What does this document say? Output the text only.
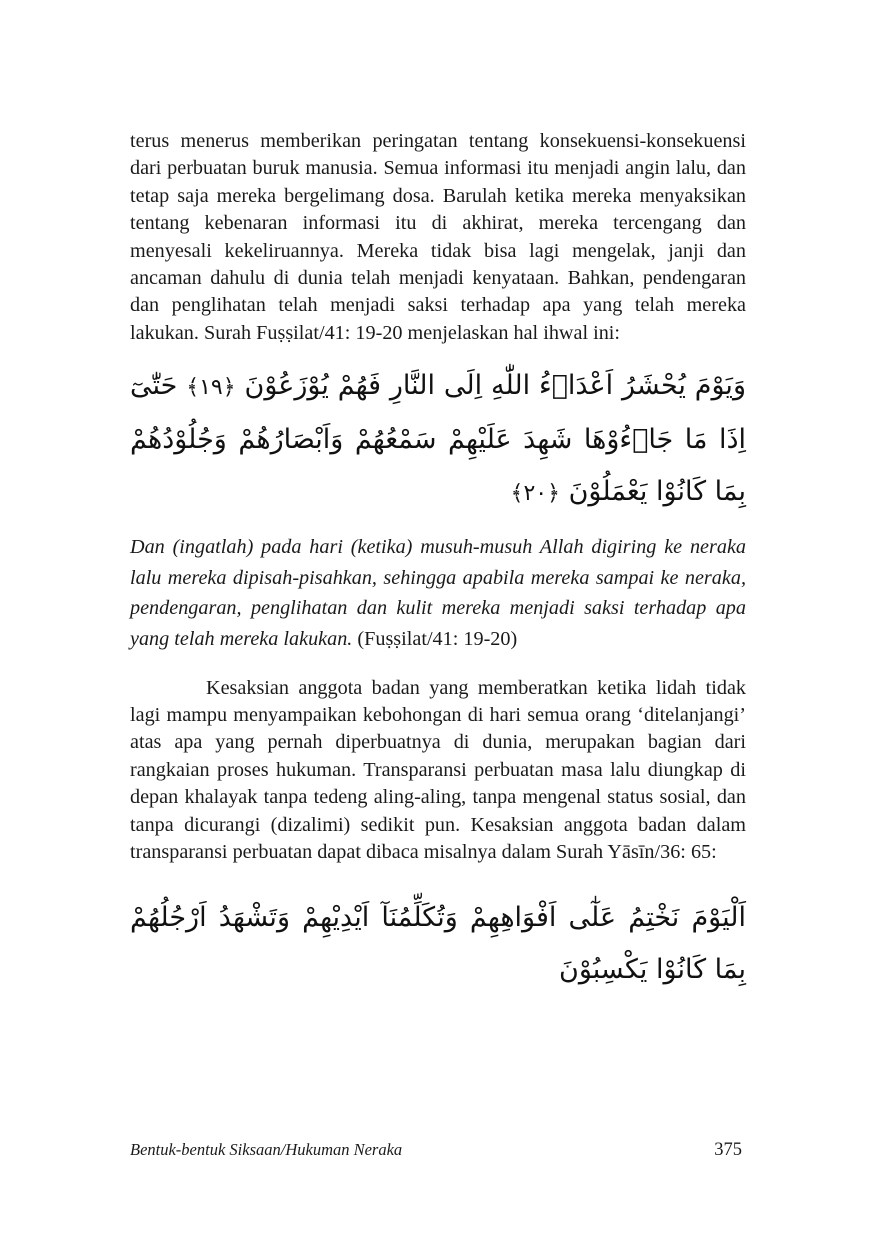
terus menerus memberikan peringatan tentang konsekuensi-konsekuensi dari perbuatan buruk manusia. Semua informasi itu menjadi angin lalu, dan tetap saja mereka bergelimang dosa. Barulah ketika mereka menyaksikan tentang kebenaran informasi itu di akhirat, mereka tercengang dan menyesali kekeliruannya. Mereka tidak bisa lagi mengelak, janji dan ancaman dahulu di dunia telah menjadi kenyataan. Bahkan, pendengaran dan penglihatan telah menjadi saksi terhadap apa yang telah mereka lakukan. Surah Fuṣṣilat/41: 19-20 menjelaskan hal ihwal ini:

وَيَوْمَ يُحْشَرُ اَعْدَاۤءُ اللّٰهِ اِلَى النَّارِ فَهُمْ يُوْزَعُوْنَ ﴿١٩﴾ حَتّٰىٓ اِذَا مَا جَاۤءُوْهَا شَهِدَ عَلَيْهِمْ سَمْعُهُمْ وَاَبْصَارُهُمْ وَجُلُوْدُهُمْ بِمَا كَانُوْا يَعْمَلُوْنَ ﴿٢٠﴾

Dan (ingatlah) pada hari (ketika) musuh-musuh Allah digiring ke neraka lalu mereka dipisah-pisahkan, sehingga apabila mereka sampai ke neraka, pendengaran, penglihatan dan kulit mereka menjadi saksi terhadap apa yang telah mereka lakukan. (Fuṣṣilat/41: 19-20)

Kesaksian anggota badan yang memberatkan ketika lidah tidak lagi mampu menyampaikan kebohongan di hari semua orang ‘ditelanjangi’ atas apa yang pernah diperbuatnya di dunia, merupakan bagian dari rangkaian proses hukuman. Transparansi perbuatan masa lalu diungkap di depan khalayak tanpa tedeng aling-aling, tanpa mengenal status sosial, dan tanpa dicurangi (dizalimi) sedikit pun. Kesaksian anggota badan dalam transparansi perbuatan dapat dibaca misalnya dalam Surah Yāsīn/36: 65:

اَلْيَوْمَ نَخْتِمُ عَلٰٓى اَفْوَاهِهِمْ وَتُكَلِّمُنَآ اَيْدِيْهِمْ وَتَشْهَدُ اَرْجُلُهُمْ بِمَا كَانُوْا يَكْسِبُوْنَ

Bentuk-bentuk Siksaan/Hukuman Neraka	375
